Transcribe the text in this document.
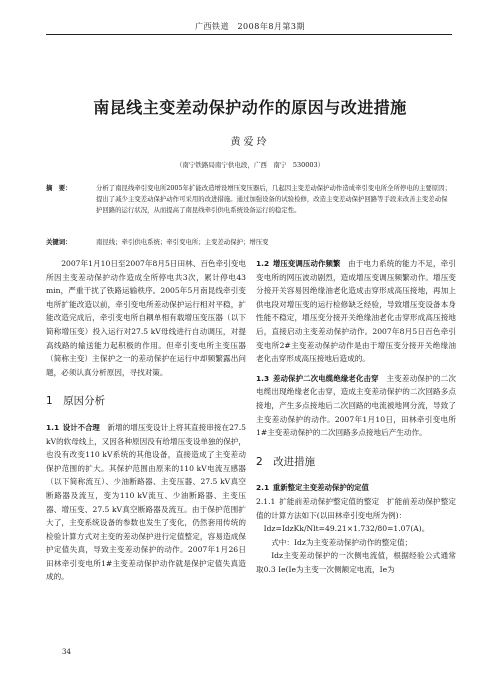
广西铁道　2008年8月第3期
南昆线主变差动保护动作的原因与改进措施
黄爱玲
（南宁铁路局南宁供电段，广西　南宁　530003）
摘　要：	分析了南昆线牵引变电所2005年扩能改造增设增压变压器后，几起因主变差动保护动作造成牵引变电所全所停电的主要原因；提出了减少主变差动保护动作可采用的改进措施。通过加强设备的试验检修，改造主变差动保护回路等手段来改善主变差动保护回路的运行状况，从而提高了南昆线牵引供电系统设备运行的稳定性。
关键词：	南昆线；牵引供电系统；牵引变电所；主变差动保护；增压变

2007年1月10日至2007年8月5日田林、百色牵引变电所因主变差动保护动作造成全所停电共3次，累计停电43 min，严重干扰了铁路运输秩序。2005年5月南昆线牵引变电所扩能改造以前，牵引变电所差动保护运行相对平稳，扩能改造完成后，牵引变电所自耦单相有载增压变压器（以下简称增压变）投入运行对27.5 kV母线进行自动调压，对提高线路的输送能力起积极的作用。但牵引变电所主变压器（简称主变）主保护之一的差动保护在运行中却频繁露出问题，必须认真分析原因，寻找对策。

1  原因分析

1.1  设计不合理  新增的增压变设计上将其直接串接在27.5 kV的软母线上，又因各种原因没有给增压变设单独的保护，也没有改变110 kV系统的其他设备，直接造成了主变差动保护范围的扩大。其保护范围由原来的110 kV电流互感器（以下简称流互）、少油断路器、主变压器、27.5 kV真空断路器及流互，变为110 kV流互、少油断路器、主变压器、增压变、27.5 kV真空断路器及流互。由于保护范围扩大了，主变系统设备的参数也发生了变化，仍然套用传统的检验计算方式对主变的差动保护进行定值整定，容易造成保护定值失真，导致主变差动保护的动作。2007年1月26日田林牵引变电所1#主变差动保护动作就是保护定值失真造成的。

1.2  增压变调压动作频繁  由于电力系统的能力不足，牵引变电所的网压波动剧烈，造成增压变调压频繁动作。增压变分接开关容易因绝缘油老化造成击穿形成高压接地，再加上供电段对增压变的运行检修缺乏经验，导致增压变设备本身性能不稳定，增压变分接开关绝缘油老化击穿形成高压接地后，直接启动主变差动保护动作。2007年8月5日百色牵引变电所2#主变差动保护动作是由于增压变分接开关绝缘油老化击穿形成高压接地后造成的。

1.3  差动保护二次电缆绝缘老化击穿  主变差动保护的二次电缆出现绝缘老化击穿，造成主变差动保护的二次回路多点接地，产生多点接地后二次回路的电流被地网分流，导致了主变差动保护的动作。2007年1月10日，田林牵引变电所1#主变差动保护的二次回路多点接地后产生动作。

2  改进措施
2.1  重新整定主变差动保护的定值

2.1.1  扩能前差动保护整定值的整定  扩能前差动保护整定值的计算方法如下(以田林牵引变电所为例)：

Idz=IdzKk/Nlt=49.21×1.732/80=1.07(A)。

式中：Idz为主变差动保护动作的整定值；

Idz主变差动保护的一次侧电流值，根据经验公式通常取0.3 Ie(Ie为主变一次侧额定电流，Ie为

34
